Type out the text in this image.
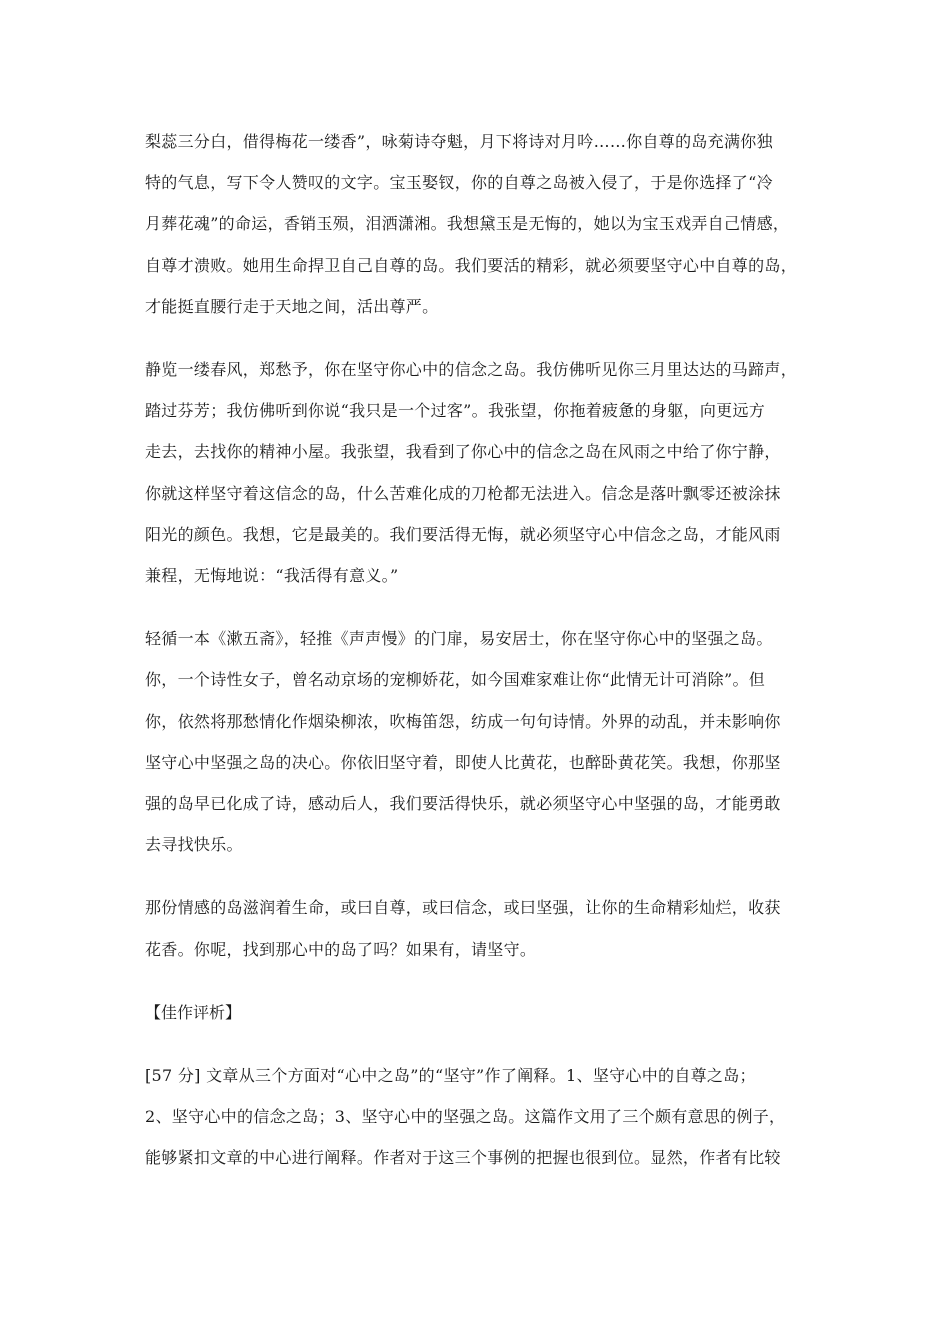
梨蕊三分白，借得梅花一缕香”，咏菊诗夺魁，月下将诗对月吟……你自尊的岛充满你独
特的气息，写下令人赞叹的文字。宝玉娶钗，你的自尊之岛被入侵了，于是你选择了“冷
月葬花魂”的命运，香销玉殒，泪洒潇湘。我想黛玉是无悔的，她以为宝玉戏弄自己情感，
自尊才溃败。她用生命捍卫自己自尊的岛。我们要活的精彩，就必须要坚守心中自尊的岛，
才能挺直腰行走于天地之间，活出尊严。

静览一缕春风，郑愁予，你在坚守你心中的信念之岛。我仿佛听见你三月里达达的马蹄声，
踏过芬芳；我仿佛听到你说“我只是一个过客”。我张望，你拖着疲惫的身躯，向更远方
走去，去找你的精神小屋。我张望，我看到了你心中的信念之岛在风雨之中给了你宁静，
你就这样坚守着这信念的岛，什么苦难化成的刀枪都无法进入。信念是落叶飘零还被涂抹
阳光的颜色。我想，它是最美的。我们要活得无悔，就必须坚守心中信念之岛，才能风雨
兼程，无悔地说：“我活得有意义。”

轻循一本《漱五斋》，轻推《声声慢》的门扉，易安居士，你在坚守你心中的坚强之岛。
你，一个诗性女子，曾名动京场的宠柳娇花，如今国难家难让你“此情无计可消除”。但
你，依然将那愁情化作烟染柳浓，吹梅笛怨，纺成一句句诗情。外界的动乱，并未影响你
坚守心中坚强之岛的决心。你依旧坚守着，即使人比黄花，也醉卧黄花笑。我想，你那坚
强的岛早已化成了诗，感动后人，我们要活得快乐，就必须坚守心中坚强的岛，才能勇敢
去寻找快乐。

那份情感的岛滋润着生命，或曰自尊，或曰信念，或曰坚强，让你的生命精彩灿烂，收获
花香。你呢，找到那心中的岛了吗？如果有，请坚守。

【佳作评析】

[57 分] 文章从三个方面对“心中之岛”的“坚守”作了阐释。1、坚守心中的自尊之岛；
2、坚守心中的信念之岛；3、坚守心中的坚强之岛。这篇作文用了三个颇有意思的例子，
能够紧扣文章的中心进行阐释。作者对于这三个事例的把握也很到位。显然，作者有比较
